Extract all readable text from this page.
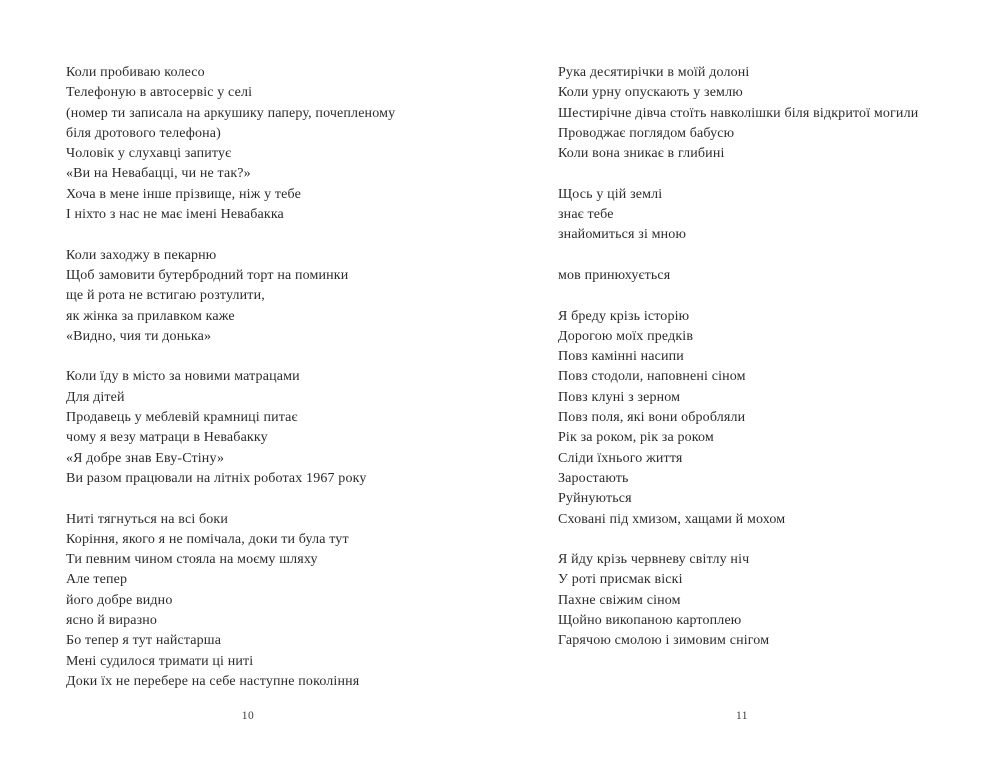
Коли пробиваю колесо
Телефоную в автосервіс у селі
(номер ти записала на аркушику паперу, почепленому
біля дротового телефона)
Чоловік у слухавці запитує
«Ви на Невабацці, чи не так?»
Хоча в мене інше прізвище, ніж у тебе
І ніхто з нас не має імені Невабакка
Коли заходжу в пекарню
Щоб замовити бутербродний торт на поминки
ще й рота не встигаю розтулити,
як жінка за прилавком каже
«Видно, чия ти донька»
Коли їду в місто за новими матрацами
Для дітей
Продавець у меблевій крамниці питає
чому я везу матраци в Невабакку
«Я добре знав Еву-Стіну»
Ви разом працювали на літніх роботах 1967 року
Ниті тягнуться на всі боки
Коріння, якого я не помічала, доки ти була тут
Ти певним чином стояла на моєму шляху
Але тепер
його добре видно
ясно й виразно
Бо тепер я тут найстарша
Мені судилося тримати ці ниті
Доки їх не перебере на себе наступне покоління
10
Рука десятирічки в моїй долоні
Коли урну опускають у землю
Шестирічне дівча стоїть навколішки біля відкритої могили
Проводжає поглядом бабусю
Коли вона зникає в глибині
Щось у цій землі
знає тебе
знайомиться зі мною
мов принюхується
Я бреду крізь історію
Дорогою моїх предків
Повз камінні насипи
Повз стодоли, наповнені сіном
Повз клуні з зерном
Повз поля, які вони обробляли
Рік за роком, рік за роком
Сліди їхнього життя
Заростають
Руйнуються
Сховані під хмизом, хащами й мохом
Я йду крізь червневу світлу ніч
У роті присмак віскі
Пахне свіжим сіном
Щойно викопаною картоплею
Гарячою смолою і зимовим снігом
11
